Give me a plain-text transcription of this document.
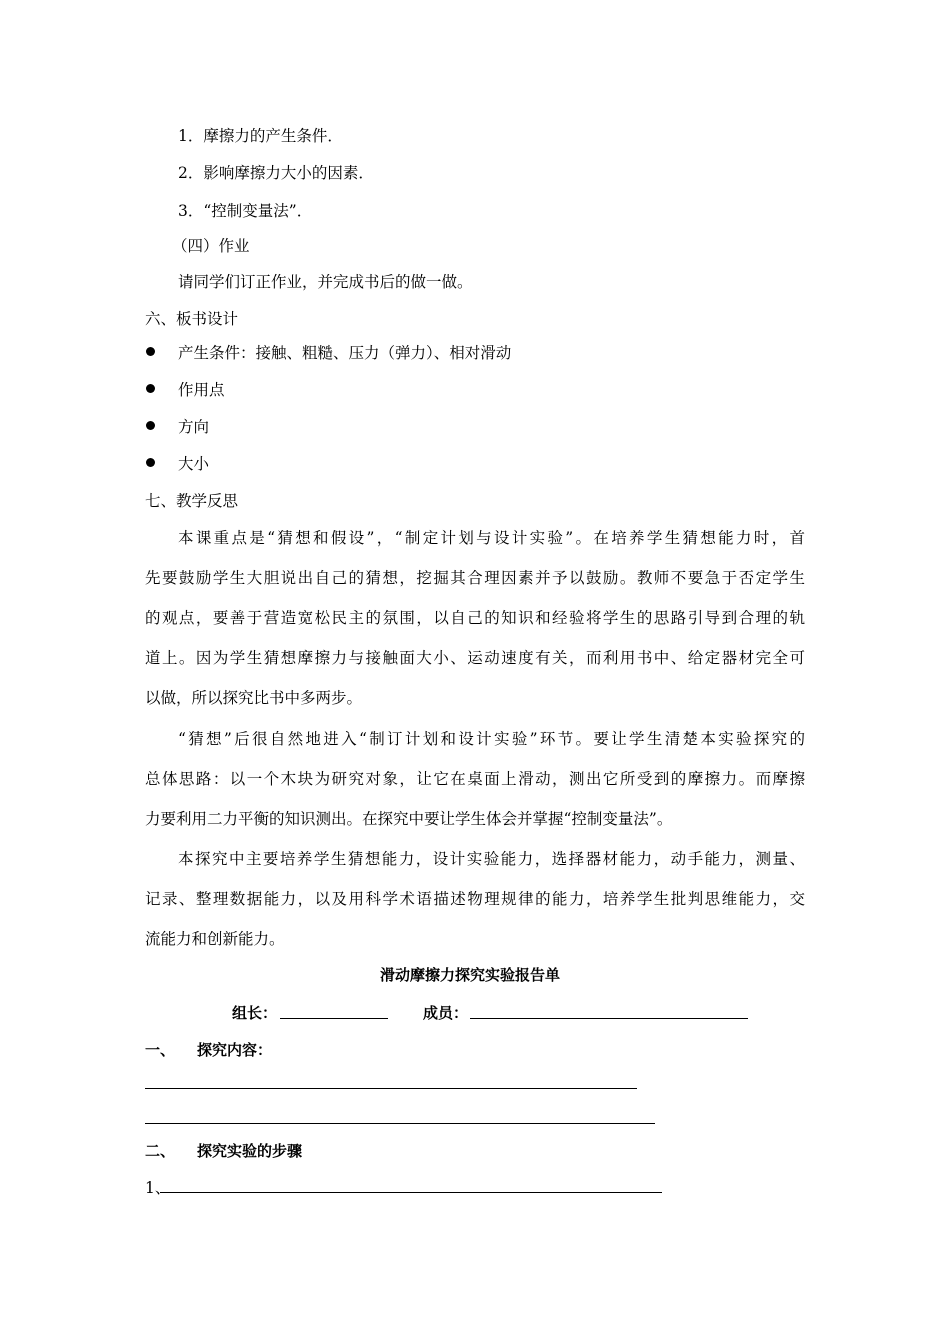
1．摩擦力的产生条件．
2．影响摩擦力大小的因素．
3．“控制变量法”．
（四）作业
请同学们订正作业，并完成书后的做一做。
六、板书设计
产生条件：接触、粗糙、压力（弹力）、相对滑动
作用点
方向
大小
七、教学反思
本课重点是“猜想和假设”，“制定计划与设计实验”。在培养学生猜想能力时，首
先要鼓励学生大胆说出自己的猜想，挖掘其合理因素并予以鼓励。教师不要急于否定学生
的观点，要善于营造宽松民主的氛围，以自己的知识和经验将学生的思路引导到合理的轨
道上。因为学生猜想摩擦力与接触面大小、运动速度有关，而利用书中、给定器材完全可
以做，所以探究比书中多两步。
“猜想”后很自然地进入“制订计划和设计实验”环节。要让学生清楚本实验探究的
总体思路：以一个木块为研究对象，让它在桌面上滑动，测出它所受到的摩擦力。而摩擦
力要利用二力平衡的知识测出。在探究中要让学生体会并掌握“控制变量法”。
本探究中主要培养学生猜想能力，设计实验能力，选择器材能力，动手能力，测量、
记录、整理数据能力，以及用科学术语描述物理规律的能力，培养学生批判思维能力，交
流能力和创新能力。
滑动摩擦力探究实验报告单
组长：	成员：
一、 探究内容：
二、 探究实验的步骤
1、
